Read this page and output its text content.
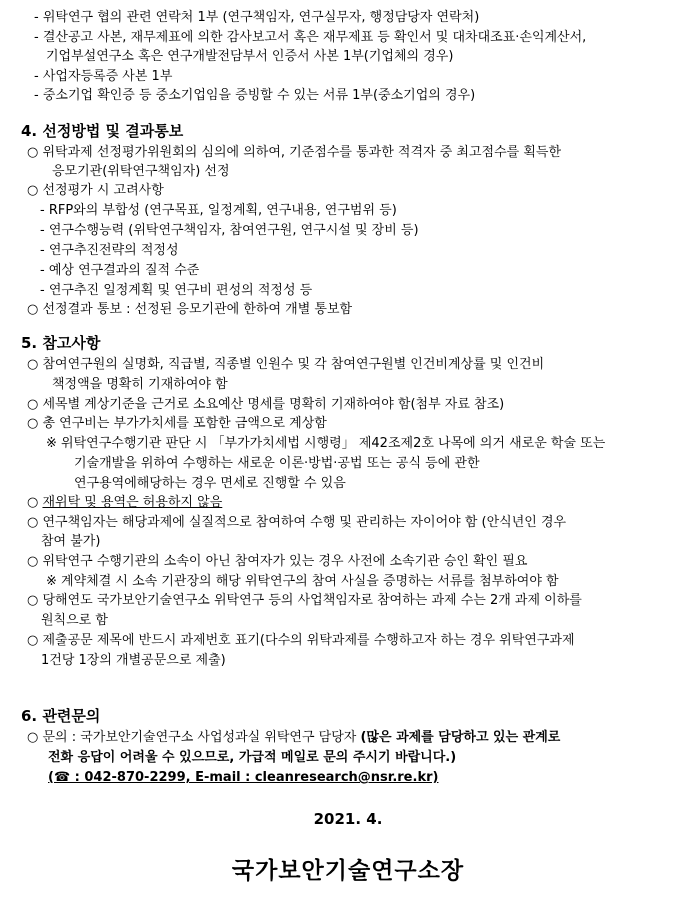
- 위탁연구 협의 관련 연락처 1부 (연구책임자, 연구실무자, 행정담당자 연락처)
- 결산공고 사본, 재무제표에 의한 감사보고서 혹은 재무제표 등 확인서 및 대차대조표·손익계산서,
기업부설연구소 혹은 연구개발전담부서 인증서 사본 1부(기업체의 경우)
- 사업자등록증 사본 1부
- 중소기업 확인증 등 중소기업임을 증빙할 수 있는 서류 1부(중소기업의 경우)
4. 선정방법 및 결과통보
○ 위탁과제 선정평가위원회의 심의에 의하여, 기준점수를 통과한 적격자 중 최고점수를 획득한
응모기관(위탁연구책임자) 선정
○ 선정평가 시 고려사항
- RFP와의 부합성 (연구목표, 일정계획, 연구내용, 연구범위 등)
- 연구수행능력 (위탁연구책임자, 참여연구원, 연구시설 및 장비 등)
- 연구추진전략의 적정성
- 예상 연구결과의 질적 수준
- 연구추진 일정계획 및 연구비 편성의 적정성 등
○ 선정결과 통보 : 선정된 응모기관에 한하여 개별 통보함
5. 참고사항
○ 참여연구원의 실명화, 직급별, 직종별 인원수 및 각 참여연구원별 인건비계상률 및 인건비
책정액을 명확히 기재하여야 함
○ 세목별 계상기준을 근거로 소요예산 명세를 명확히 기재하여야 함(첨부 자료 참조)
○ 총 연구비는 부가가치세를 포함한 금액으로 계상함
※ 위탁연구수행기관 판단 시 「부가가치세법 시행령」 제42조제2호 나목에 의거 새로운 학술 또는
기술개발을 위하여 수행하는 새로운 이론·방법·공법 또는 공식 등에 관한
연구용역에해당하는 경우 면세로 진행할 수 있음
○ 재위탁 및 용역은 허용하지 않음
○ 연구책임자는 해당과제에 실질적으로 참여하여 수행 및 관리하는 자이어야 함 (안식년인 경우
참여 불가)
○ 위탁연구 수행기관의 소속이 아닌 참여자가 있는 경우 사전에 소속기관 승인 확인 필요
※ 계약체결 시 소속 기관장의 해당 위탁연구의 참여 사실을 증명하는 서류를 첨부하여야 함
○ 당해연도 국가보안기술연구소 위탁연구 등의 사업책임자로 참여하는 과제 수는 2개 과제 이하를
원칙으로 함
○ 제출공문 제목에 반드시 과제번호 표기(다수의 위탁과제를 수행하고자 하는 경우 위탁연구과제
1건당 1장의 개별공문으로 제출)
6. 관련문의
○ 문의 : 국가보안기술연구소 사업성과실 위탁연구 담당자 (많은 과제를 담당하고 있는 관계로
전화 응답이 어려울 수 있으므로, 가급적 메일로 문의 주시기 바랍니다.)
(☎ : 042-870-2299, E-mail : cleanresearch@nsr.re.kr)
2021. 4.
국가보안기술연구소장
